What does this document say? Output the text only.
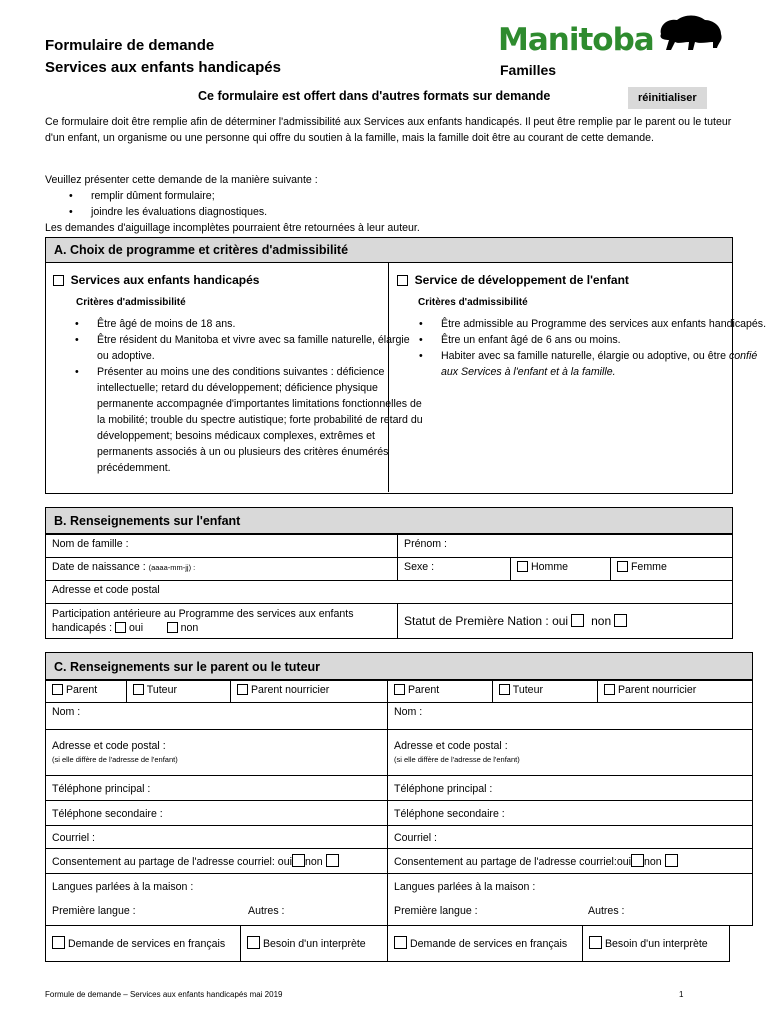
Formulaire de demande
Services aux enfants handicapés
Manitoba
Familles
Ce formulaire est offert dans d'autres formats sur demande	réinitialiser
Ce formulaire doit être remplie afin de déterminer l'admissibilité aux Services aux enfants handicapés. Il peut être remplie par le parent ou le tuteur d'un enfant, un organisme ou une personne qui offre du soutien à la famille, mais la famille doit être au courant de cette demande.
Veuillez présenter cette demande de la manière suivante :
• remplir dûment formulaire;
• joindre les évaluations diagnostiques.
Les demandes d'aiguillage incomplètes pourraient être retournées à leur auteur.
A. Choix de programme et critères d'admissibilité
Services aux enfants handicapés
Critères d'admissibilité
• Être âgé de moins de 18 ans.
• Être résident du Manitoba et vivre avec sa famille naturelle, élargie ou adoptive.
• Présenter au moins une des conditions suivantes : déficience intellectuelle; retard du développement; déficience physique permanente accompagnée d'importantes limitations fonctionnelles de la mobilité; trouble du spectre autistique; forte probabilité de retard du développement; besoins médicaux complexes, extrêmes et permanents associés à un ou plusieurs des critères énumérés précédemment.
Service de développement de l'enfant
Critères d'admissibilité
• Être admissible au Programme des services aux enfants handicapés.
• Être un enfant âgé de 6 ans ou moins.
• Habiter avec sa famille naturelle, élargie ou adoptive, ou être confié aux Services à l'enfant et à la famille.
B. Renseignements sur l'enfant
Nom de famille :	Prénom :
Date de naissance : (aaaa-mm-jj) :	Sexe :	Homme	Femme
Adresse et code postal
Participation antérieure au Programme des services aux enfants
handicapés : oui	non	Statut de Première Nation : oui non
C. Renseignements sur le parent ou le tuteur
Parent	Tuteur	Parent nourricier	Parent	Tuteur	Parent nourricier
Nom :	Nom :
Adresse et code postal :
(si elle diffère de l'adresse de l'enfant)
Adresse et code postal :
(si elle diffère de l'adresse de l'enfant)
Téléphone principal :	Téléphone principal :
Téléphone secondaire :	Téléphone secondaire :
Courriel :	Courriel :
Consentement au partage de l'adresse courriel: oui non	Consentement au partage de l'adresse courriel:oui non
Langues parlées à la maison :
Première langue :	Autres :
Langues parlées à la maison :
Première langue :	Autres :
Demande de services en français	Besoin d'un interprète	Demande de services en français	Besoin d'un interprète
Formule de demande – Services aux enfants handicapés mai 2019	1
